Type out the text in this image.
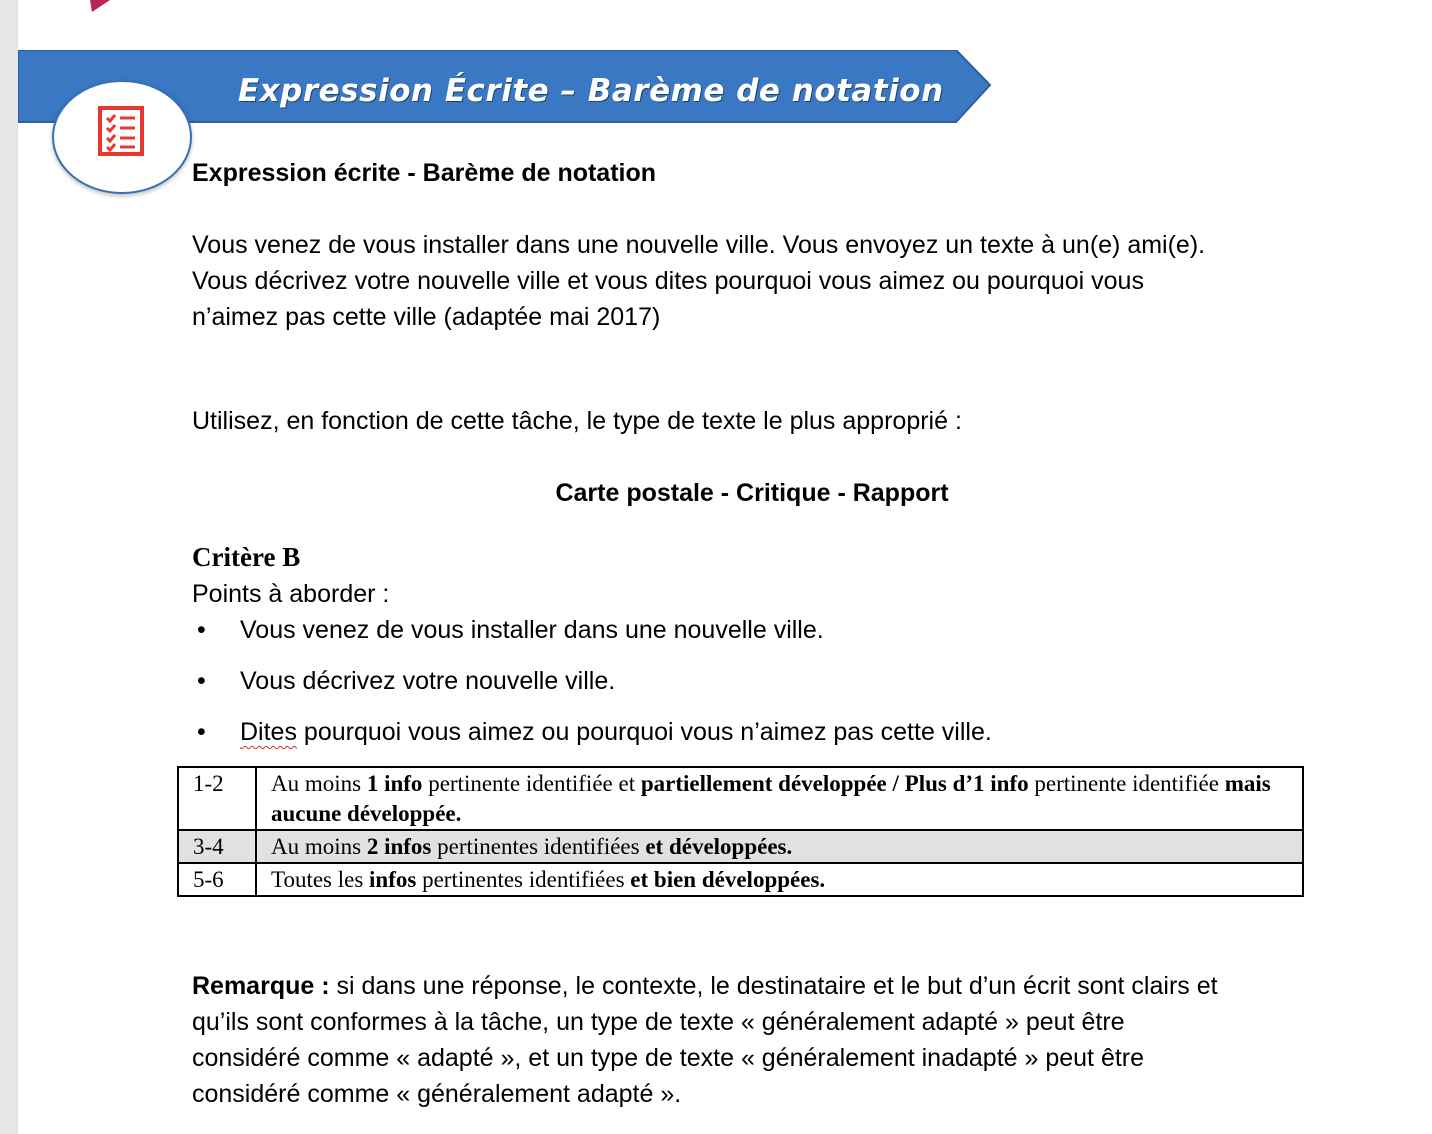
Expression Écrite – Barème de notation
Expression écrite - Barème de notation
Vous venez de vous installer dans une nouvelle ville. Vous envoyez un texte à un(e) ami(e).
Vous décrivez votre nouvelle ville et vous dites pourquoi vous aimez ou pourquoi vous
n’aimez pas cette ville (adaptée mai 2017)
Utilisez, en fonction de cette tâche, le type de texte le plus approprié :
Carte postale - Critique - Rapport
Critère B
Points à aborder :
• Vous venez de vous installer dans une nouvelle ville.
• Vous décrivez votre nouvelle ville.
• Dites pourquoi vous aimez ou pourquoi vous n’aimez pas cette ville.
1-2	Au moins 1 info pertinente identifiée et partiellement développée / Plus d’1 info pertinente identifiée mais aucune développée.
3-4	Au moins 2 infos pertinentes identifiées et développées.
5-6	Toutes les infos pertinentes identifiées et bien développées.
Remarque : si dans une réponse, le contexte, le destinataire et le but d’un écrit sont clairs et
qu’ils sont conformes à la tâche, un type de texte « généralement adapté » peut être
considéré comme « adapté », et un type de texte « généralement inadapté » peut être
considéré comme « généralement adapté ».
